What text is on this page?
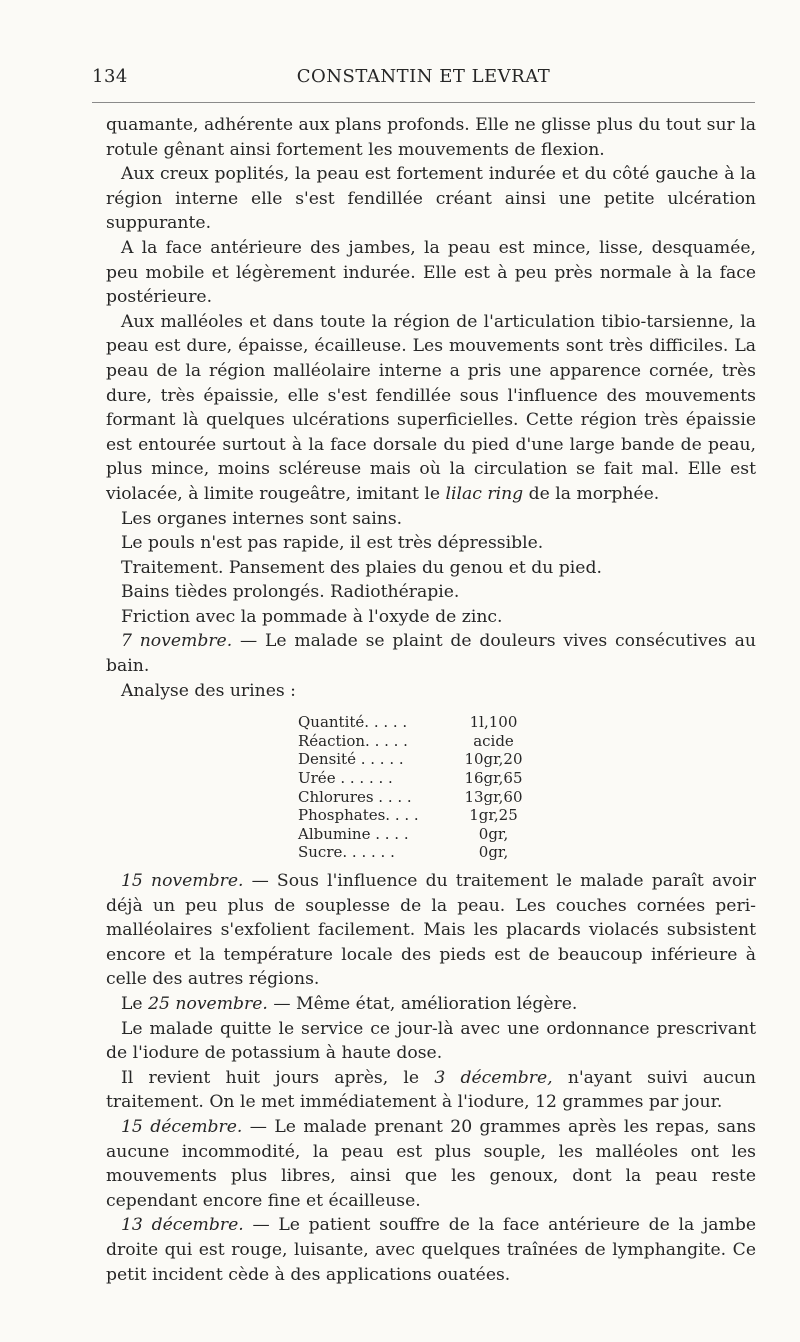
134	CONSTANTIN ET LEVRAT

quamante, adhérente aux plans profonds. Elle ne glisse plus du tout sur la rotule gênant ainsi fortement les mouvements de flexion.

Aux creux poplités, la peau est fortement indurée et du côté gauche à la région interne elle s'est fendillée créant ainsi une petite ulcération suppurante.

A la face antérieure des jambes, la peau est mince, lisse, desquamée, peu mobile et légèrement indurée. Elle est à peu près normale à la face postérieure.

Aux malléoles et dans toute la région de l'articulation tibio-tarsienne, la peau est dure, épaisse, écailleuse. Les mouvements sont très difficiles. La peau de la région malléolaire interne a pris une apparence cornée, très dure, très épaissie, elle s'est fendillée sous l'influence des mouvements formant là quelques ulcérations superficielles. Cette région très épaissie est entourée surtout à la face dorsale du pied d'une large bande de peau, plus mince, moins scléreuse mais où la circulation se fait mal. Elle est violacée, à limite rougeâtre, imitant le lilac ring de la morphée.

Les organes internes sont sains.

Le pouls n'est pas rapide, il est très dépressible.

Traitement. Pansement des plaies du genou et du pied.

Bains tièdes prolongés. Radiothérapie.

Friction avec la pommade à l'oxyde de zinc.

7 novembre. — Le malade se plaint de douleurs vives consécutives au bain.

Analyse des urines :

Quantité. . . . .	1l,100
Réaction. . . . .	acide
Densité . . . . .	10gr,20
Urée . . . . . .	16gr,65
Chlorures . . . .	13gr,60
Phosphates. . . .	1gr,25
Albumine . . . .	0gr,
Sucre. . . . . .	0gr,

15 novembre. — Sous l'influence du traitement le malade paraît avoir déjà un peu plus de souplesse de la peau. Les couches cornées peri-malléolaires s'exfolient facilement. Mais les placards violacés subsistent encore et la température locale des pieds est de beaucoup inférieure à celle des autres régions.

Le 25 novembre. — Même état, amélioration légère.

Le malade quitte le service ce jour-là avec une ordonnance prescrivant de l'iodure de potassium à haute dose.

Il revient huit jours après, le 3 décembre, n'ayant suivi aucun traitement. On le met immédiatement à l'iodure, 12 grammes par jour.

15 décembre. — Le malade prenant 20 grammes après les repas, sans aucune incommodité, la peau est plus souple, les malléoles ont les mouvements plus libres, ainsi que les genoux, dont la peau reste cependant encore fine et écailleuse.

13 décembre. — Le patient souffre de la face antérieure de la jambe droite qui est rouge, luisante, avec quelques traînées de lymphangite. Ce petit incident cède à des applications ouatées.
